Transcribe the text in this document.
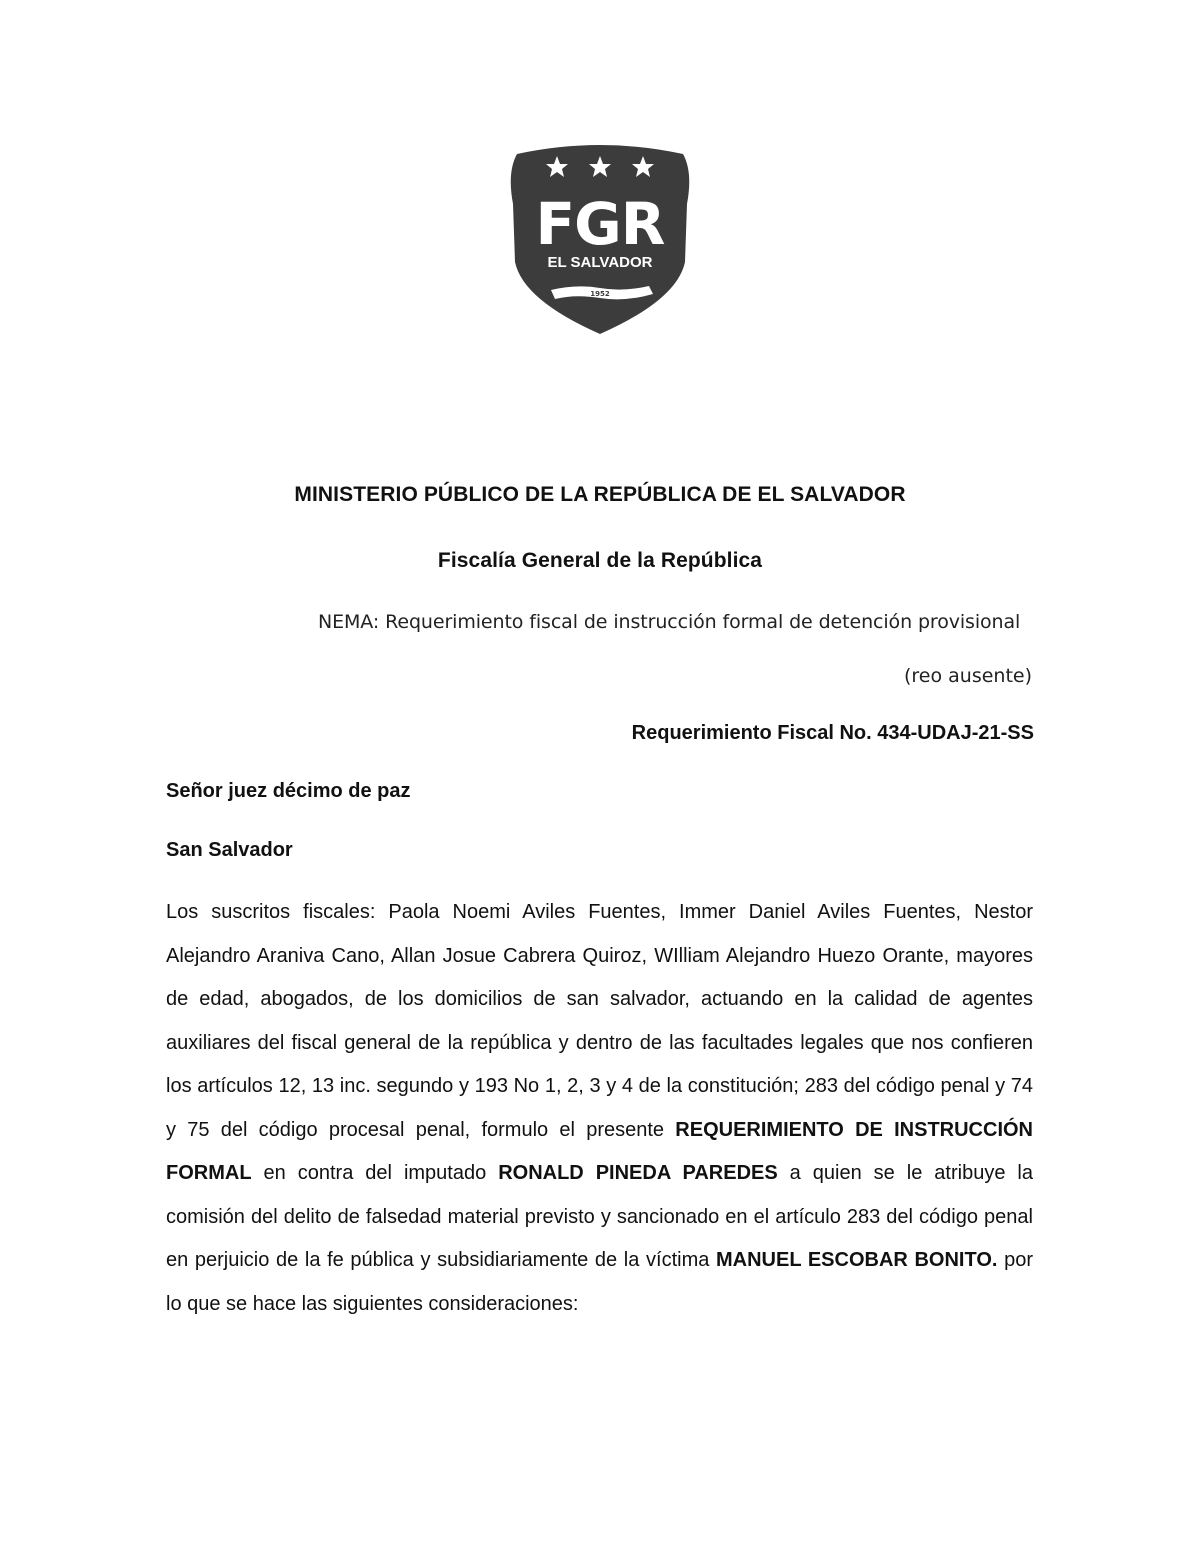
FGR
EL SALVADOR
1952
MINISTERIO PÚBLICO DE LA REPÚBLICA DE EL SALVADOR
Fiscalía General de la República
NEMA: Requerimiento fiscal de instrucción formal de detención provisional
(reo ausente)
Requerimiento Fiscal No. 434-UDAJ-21-SS
Señor juez décimo de paz
San Salvador
Los suscritos fiscales: Paola Noemi Aviles Fuentes, Immer Daniel Aviles Fuentes, Nestor Alejandro Araniva Cano, Allan Josue Cabrera Quiroz, WIlliam Alejandro Huezo Orante, mayores de edad, abogados, de los domicilios de san salvador, actuando en la calidad de agentes auxiliares del fiscal general de la república y dentro de las facultades legales que nos confieren los artículos 12, 13 inc. segundo y 193 No 1, 2, 3 y 4 de la constitución; 283 del código penal y 74 y 75 del código procesal penal, formulo el presente REQUERIMIENTO DE INSTRUCCIÓN FORMAL en contra del imputado RONALD PINEDA PAREDES a quien se le atribuye la comisión del delito de falsedad material previsto y sancionado en el artículo 283 del código penal en perjuicio de la fe pública y subsidiariamente de la víctima MANUEL ESCOBAR BONITO. por lo que se hace las siguientes consideraciones:
